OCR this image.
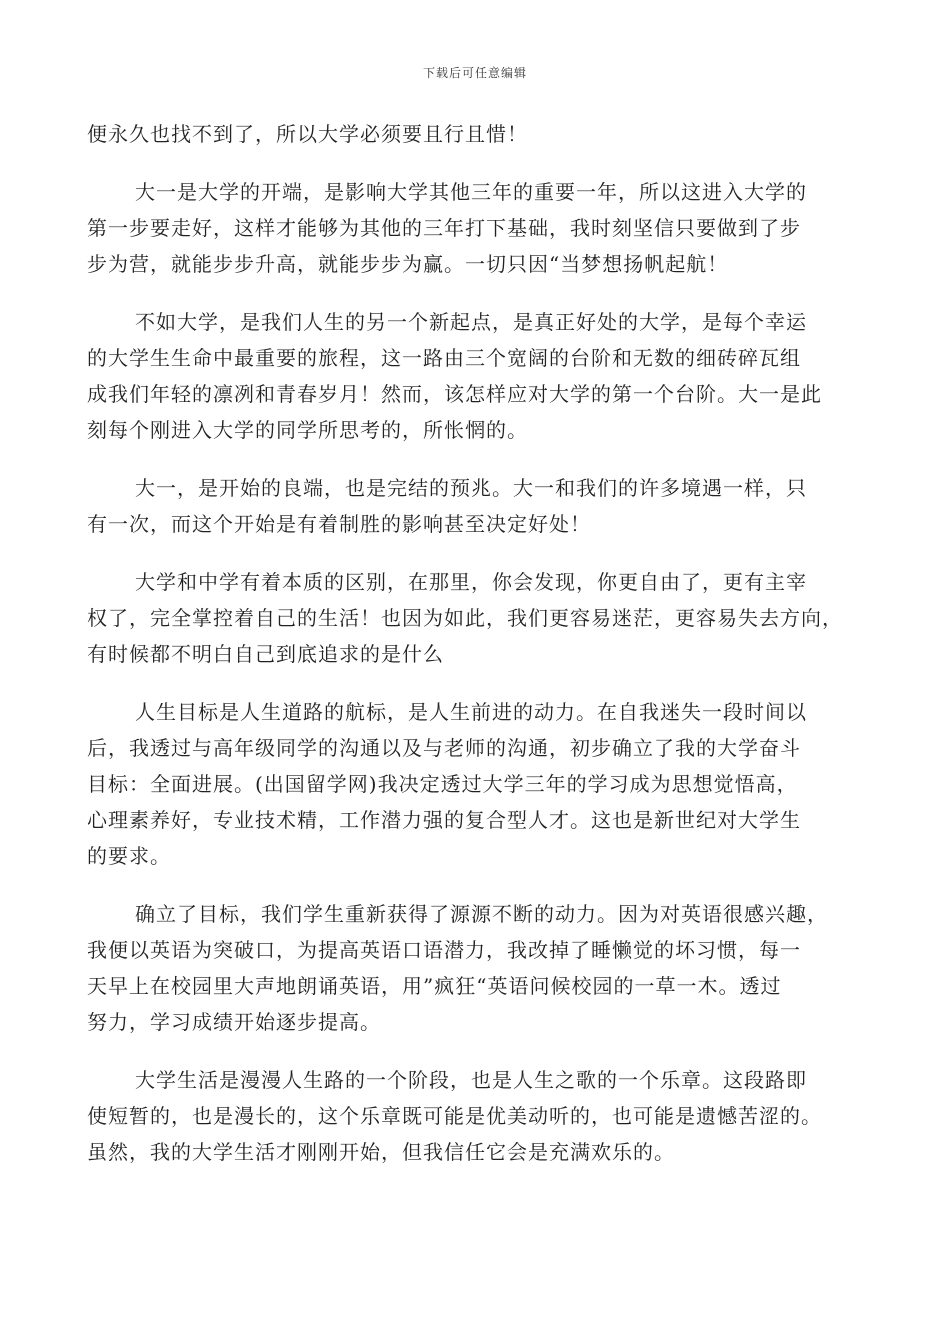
下载后可任意编辑

便永久也找不到了，所以大学必须要且行且惜！

大一是大学的开端，是影响大学其他三年的重要一年，所以这进入大学的
第一步要走好，这样才能够为其他的三年打下基础，我时刻坚信只要做到了步
步为营，就能步步升高，就能步步为赢。一切只因“当梦想扬帆起航！

不如大学，是我们人生的另一个新起点，是真正好处的大学，是每个幸运
的大学生生命中最重要的旅程，这一路由三个宽阔的台阶和无数的细砖碎瓦组
成我们年轻的凛冽和青春岁月！然而，该怎样应对大学的第一个台阶。大一是此
刻每个刚进入大学的同学所思考的，所怅惘的。

大一，是开始的良端，也是完结的预兆。大一和我们的许多境遇一样，只
有一次，而这个开始是有着制胜的影响甚至决定好处！

大学和中学有着本质的区别，在那里，你会发现，你更自由了，更有主宰
权了，完全掌控着自己的生活！也因为如此，我们更容易迷茫，更容易失去方向，
有时候都不明白自己到底追求的是什么

人生目标是人生道路的航标，是人生前进的动力。在自我迷失一段时间以
后，我透过与高年级同学的沟通以及与老师的沟通，初步确立了我的大学奋斗
目标：全面进展。(出国留学网)我决定透过大学三年的学习成为思想觉悟高，
心理素养好，专业技术精，工作潜力强的复合型人才。这也是新世纪对大学生
的要求。

确立了目标，我们学生重新获得了源源不断的动力。因为对英语很感兴趣，
我便以英语为突破口，为提高英语口语潜力，我改掉了睡懒觉的坏习惯，每一
天早上在校园里大声地朗诵英语，用”疯狂“英语问候校园的一草一木。透过
努力，学习成绩开始逐步提高。

大学生活是漫漫人生路的一个阶段，也是人生之歌的一个乐章。这段路即
使短暂的，也是漫长的，这个乐章既可能是优美动听的，也可能是遗憾苦涩的。
虽然，我的大学生活才刚刚开始，但我信任它会是充满欢乐的。
